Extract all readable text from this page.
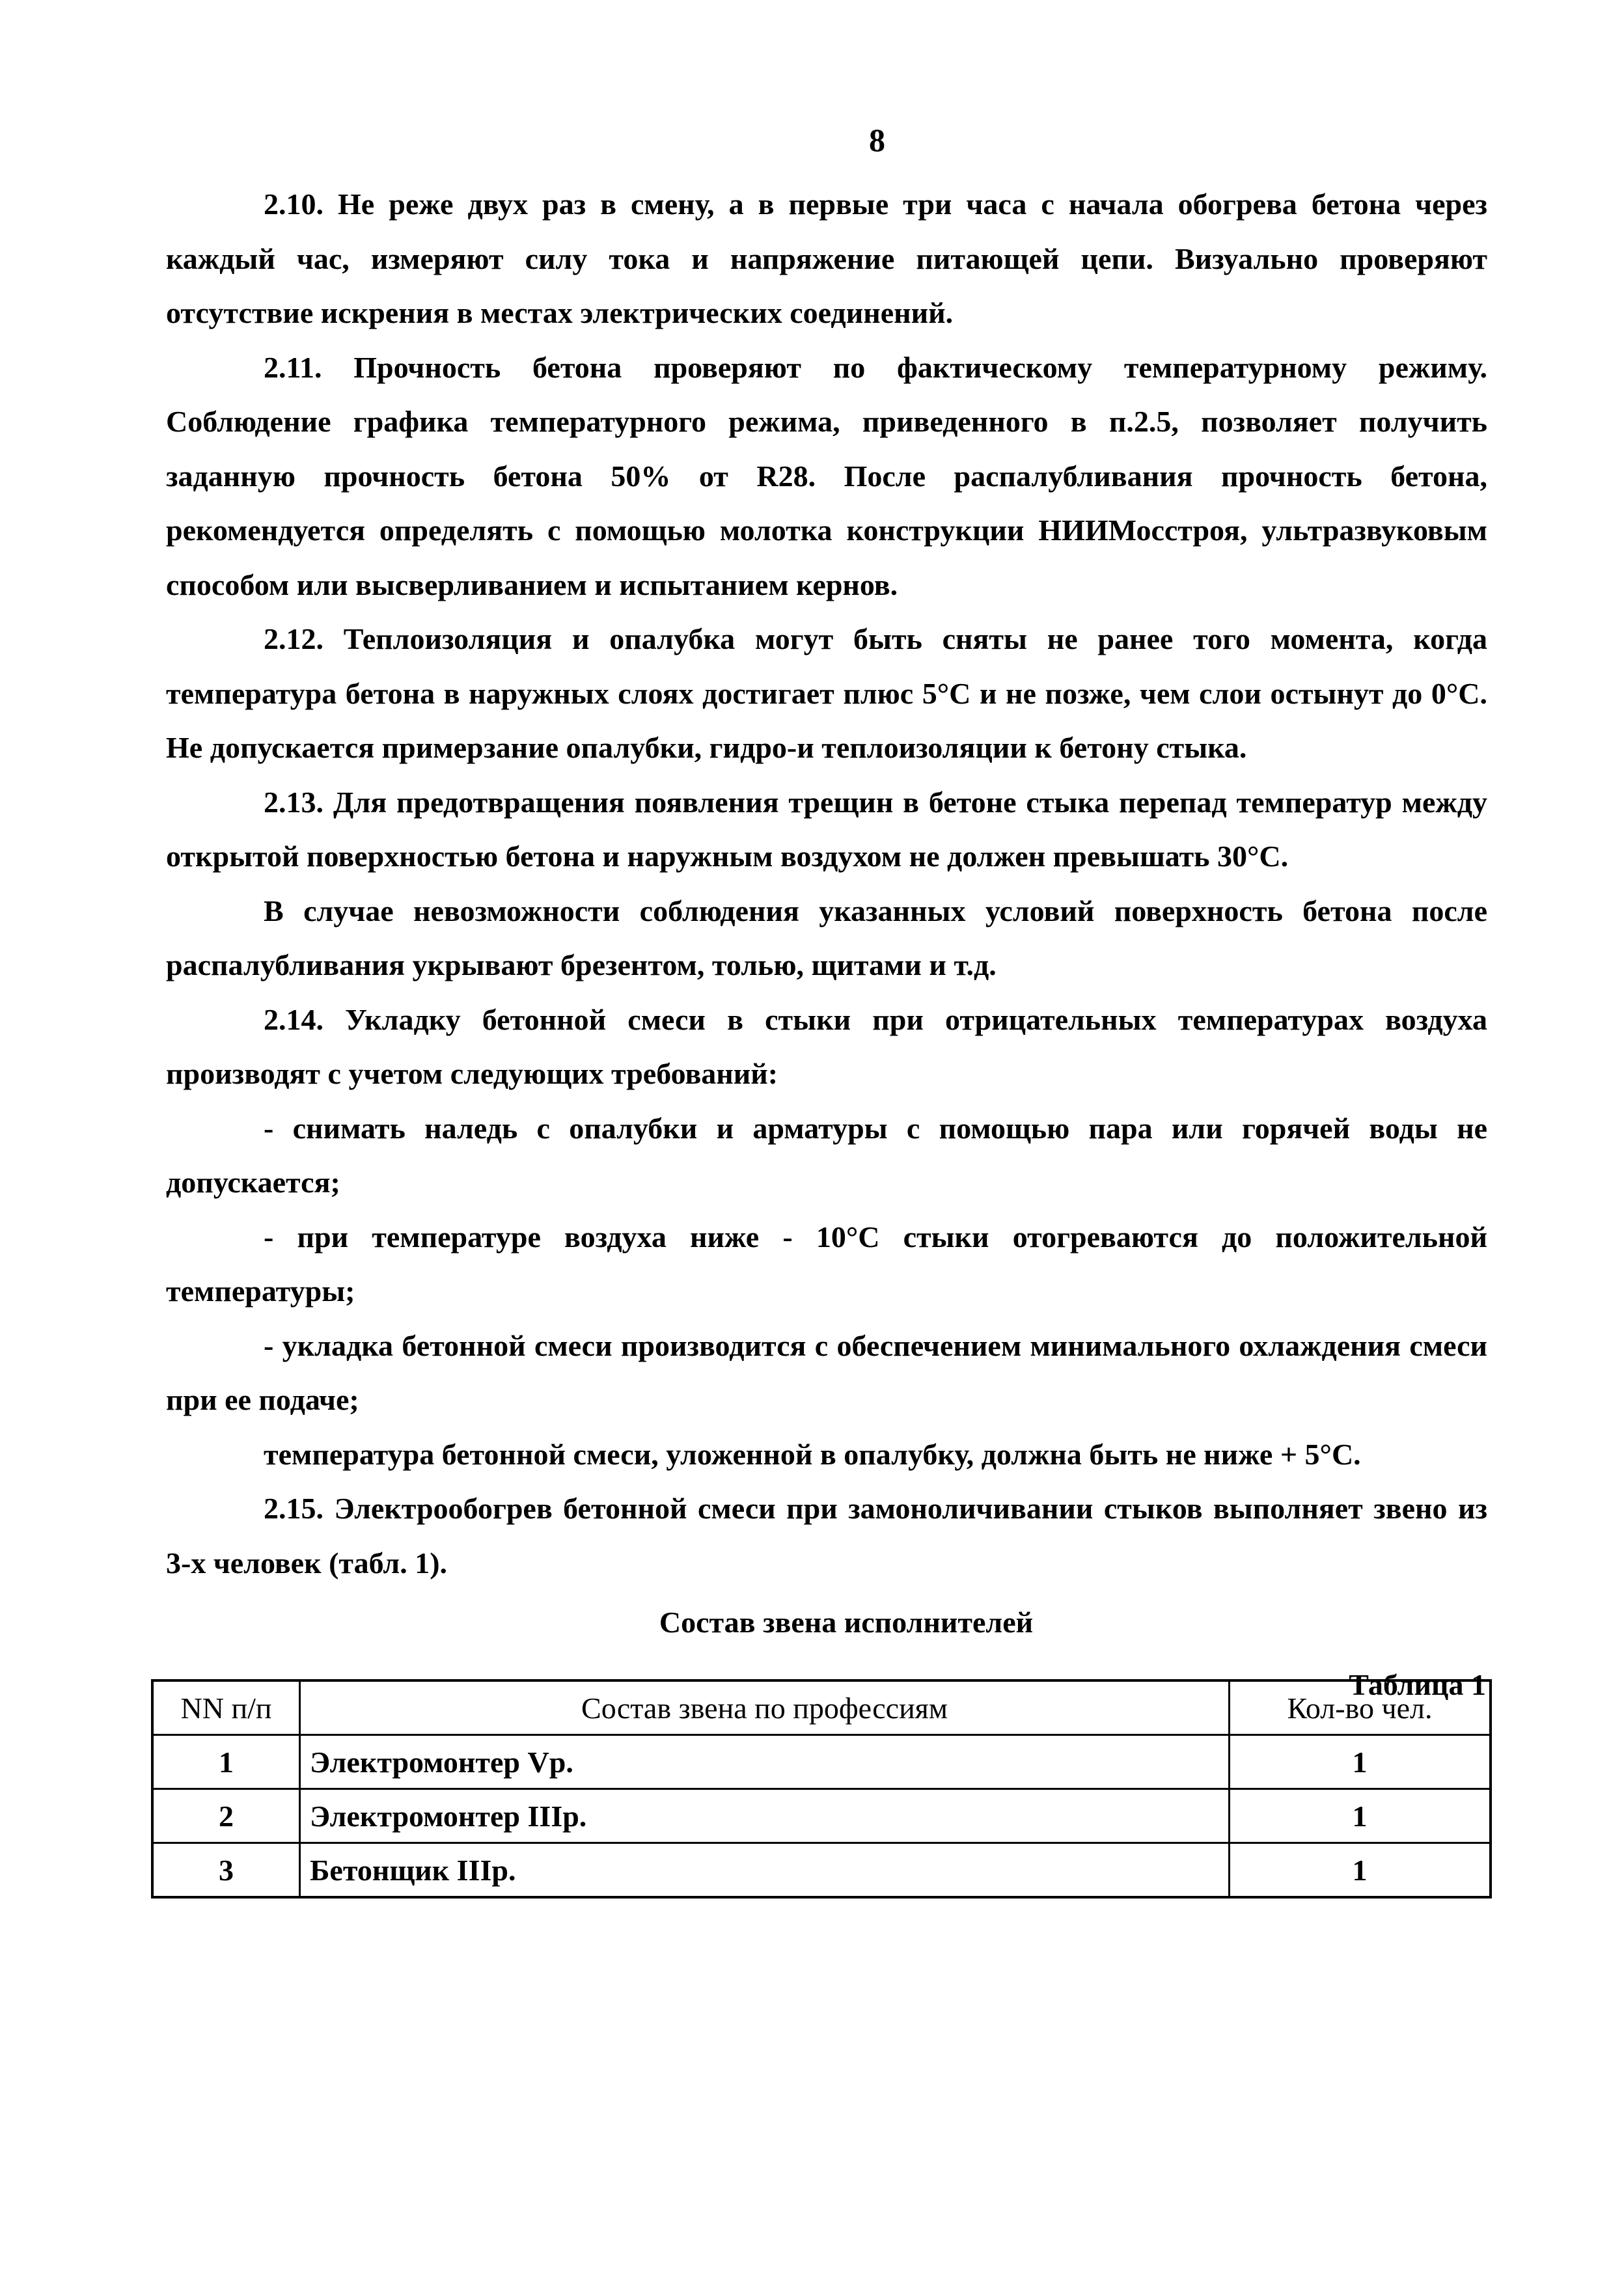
8

2.10. Не реже двух раз в смену, а в первые три часа с начала обогрева бетона через каждый час, измеряют силу тока и напряжение питающей цепи. Визуально проверяют отсутствие искрения в местах электрических соединений.

2.11. Прочность бетона проверяют по фактическому температурному режиму. Соблюдение графика температурного режима, приведенного в п.2.5, позволяет получить заданную прочность бетона 50% от R28. После распалубливания прочность бетона, рекомендуется определять с помощью молотка конструкции НИИМосстроя, ультразвуковым способом или высверливанием и испытанием кернов.

2.12. Теплоизоляция и опалубка могут быть сняты не ранее того момента, когда температура бетона в наружных слоях достигает плюс 5°С и не позже, чем слои остынут до 0°С. Не допускается примерзание опалубки, гидро-и теплоизоляции к бетону стыка.

2.13. Для предотвращения появления трещин в бетоне стыка перепад температур между открытой поверхностью бетона и наружным воздухом не должен превышать 30°С.

В случае невозможности соблюдения указанных условий поверхность бетона после распалубливания укрывают брезентом, толью, щитами и т.д.

2.14. Укладку бетонной смеси в стыки при отрицательных температурах воздуха производят с учетом следующих требований:

- снимать наледь с опалубки и арматуры с помощью пара или горячей воды не допускается;

- при температуре воздуха ниже - 10°С стыки отогреваются до положительной температуры;

- укладка бетонной смеси производится с обеспечением минимального охлаждения смеси при ее подаче;

температура бетонной смеси, уложенной в опалубку, должна быть не ниже + 5°С.

2.15. Электрообогрев бетонной смеси при замоноличивании стыков выполняет звено из 3-х человек (табл. 1).

Состав звена исполнителей

Таблица 1

NN п/п	Состав звена по профессиям	Кол-во чел.
1	Электромонтер Vр.	1
2	Электромонтер IIIр.	1
3	Бетонщик IIIр.	1
